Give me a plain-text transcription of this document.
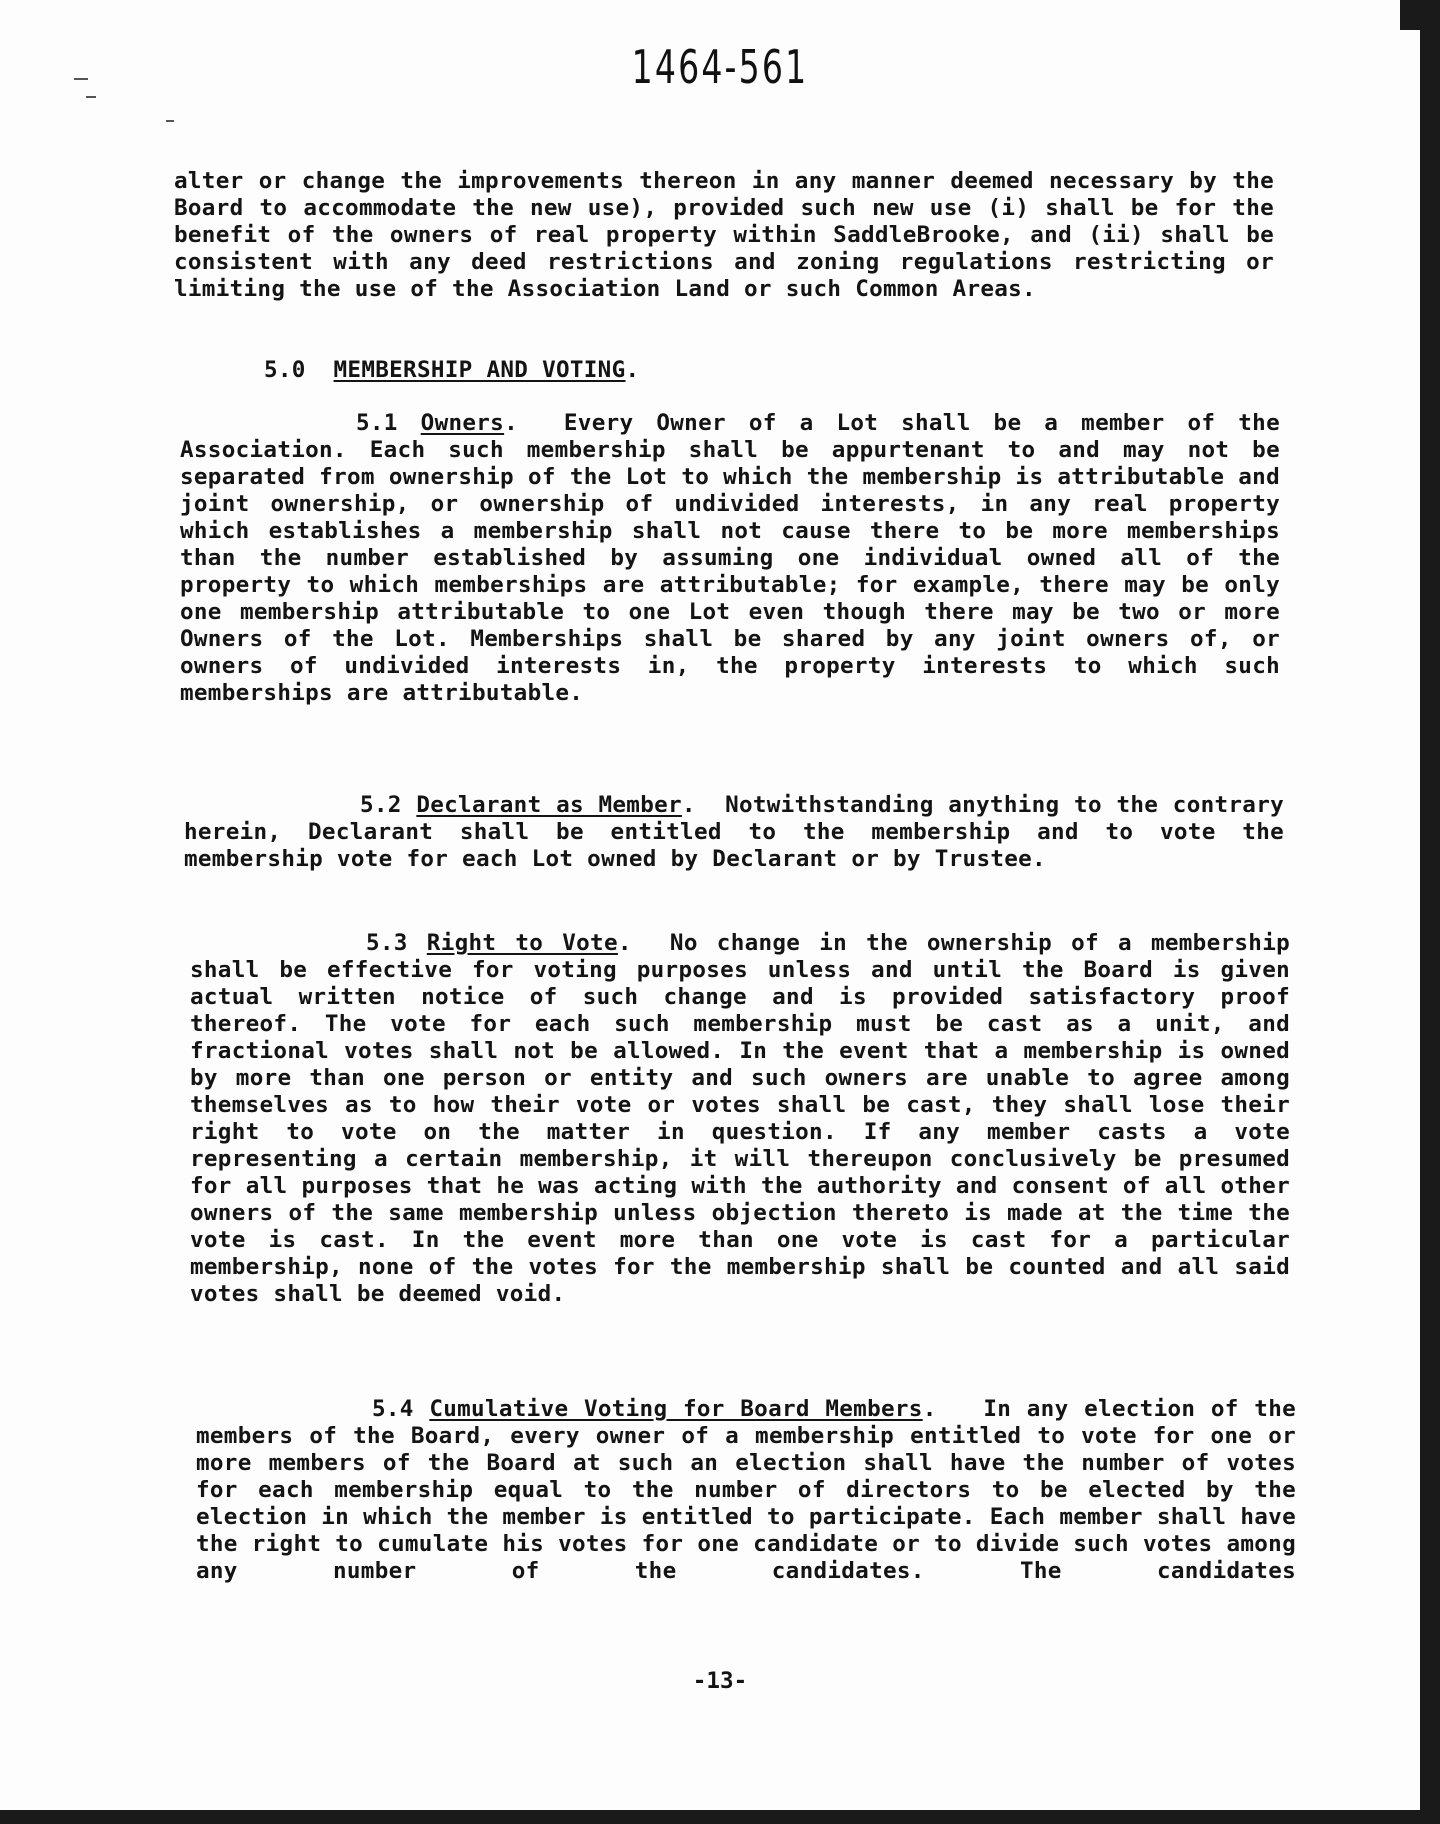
1464-561

alter or change the improvements thereon in any manner deemed necessary by the Board to accommodate the new use), provided such new use (i) shall be for the benefit of the owners of real property within SaddleBrooke, and (ii) shall be consistent with any deed restrictions and zoning regulations restricting or limiting the use of the Association Land or such Common Areas.

5.0 MEMBERSHIP AND VOTING.

5.1 Owners.  Every Owner of a Lot shall be a member of the Association. Each such membership shall be appurtenant to and may not be separated from ownership of the Lot to which the membership is attributable and joint ownership, or ownership of undivided interests, in any real property which establishes a membership shall not cause there to be more memberships than the number established by assuming one individual owned all of the property to which memberships are attributable; for example, there may be only one membership attributable to one Lot even though there may be two or more Owners of the Lot. Memberships shall be shared by any joint owners of, or owners of undivided interests in, the property interests to which such memberships are attributable.

5.2 Declarant as Member.  Notwithstanding anything to the contrary herein, Declarant shall be entitled to the membership and to vote the membership vote for each Lot owned by Declarant or by Trustee.

5.3 Right to Vote.  No change in the ownership of a membership shall be effective for voting purposes unless and until the Board is given actual written notice of such change and is provided satisfactory proof thereof. The vote for each such membership must be cast as a unit, and fractional votes shall not be allowed. In the event that a membership is owned by more than one person or entity and such owners are unable to agree among themselves as to how their vote or votes shall be cast, they shall lose their right to vote on the matter in question. If any member casts a vote representing a certain membership, it will thereupon conclusively be presumed for all purposes that he was acting with the authority and consent of all other owners of the same membership unless objection thereto is made at the time the vote is cast. In the event more than one vote is cast for a particular membership, none of the votes for the membership shall be counted and all said votes shall be deemed void.

5.4 Cumulative Voting for Board Members.   In any election of the members of the Board, every owner of a membership entitled to vote for one or more members of the Board at such an election shall have the number of votes for each membership equal to the number of directors to be elected by the election in which the member is entitled to participate. Each member shall have the right to cumulate his votes for one candidate or to divide such votes among any number of the candidates. The candidates

-13-
